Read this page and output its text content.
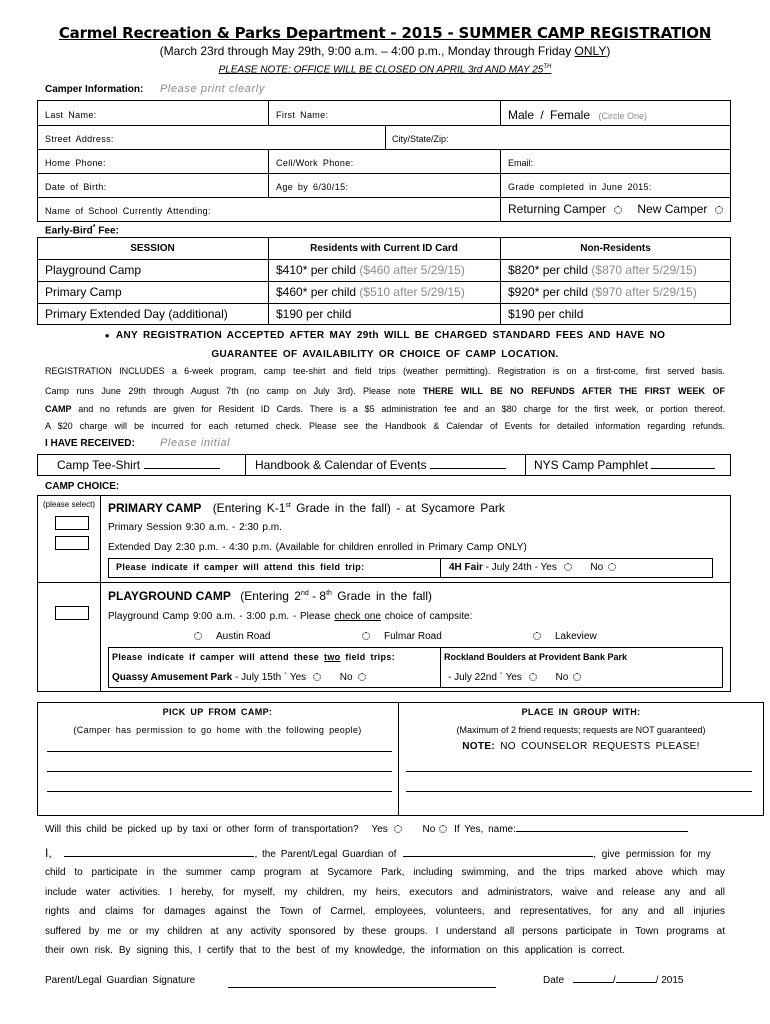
Carmel Recreation & Parks Department - 2015 - SUMMER CAMP REGISTRATION
(March 23rd through May 29th, 9:00 a.m. – 4:00 p.m., Monday through Friday ONLY)
PLEASE NOTE: OFFICE WILL BE CLOSED ON APRIL 3rd AND MAY 25TH
Camper Information: Please print clearly
Last Name:	First Name:	Male / Female (Circle One)
Street Address:	City/State/Zip:
Home Phone:	Cell/Work Phone:	Email:
Date of Birth:	Age by 6/30/15:	Grade completed in June 2015:
Name of School Currently Attending:	Returning Camper	New Camper
Early-Bird* Fee:
SESSION	Residents with Current ID Card	Non-Residents
Playground Camp	$410* per child ($460 after 5/29/15)	$820* per child ($870 after 5/29/15)
Primary Camp	$460* per child ($510 after 5/29/15)	$920* per child ($970 after 5/29/15)
Primary Extended Day (additional)	$190 per child	$190 per child
● ANY REGISTRATION ACCEPTED AFTER MAY 29th WILL BE CHARGED STANDARD FEES AND HAVE NO
GUARANTEE OF AVAILABILITY OR CHOICE OF CAMP LOCATION.
REGISTRATION INCLUDES a 6-week program, camp tee-shirt and field trips (weather permitting). Registration is on a first-come, first served basis.
Camp runs June 29th through August 7th (no camp on July 3rd). Please note THERE WILL BE NO REFUNDS AFTER THE FIRST WEEK OF
CAMP and no refunds are given for Resident ID Cards. There is a $5 administration fee and an $80 charge for the first week, or portion thereof.
A $20 charge will be incurred for each returned check. Please see the Handbook & Calendar of Events for detailed information regarding refunds.
I HAVE RECEIVED: Please initial
Camp Tee-Shirt	Handbook & Calendar of Events	NYS Camp Pamphlet
CAMP CHOICE:
(please select) PRIMARY CAMP (Entering K-1st Grade in the fall) - at Sycamore Park
Primary Session 9:30 a.m. - 2:30 p.m.
Extended Day 2:30 p.m. - 4:30 p.m. (Available for children enrolled in Primary Camp ONLY)
Please indicate if camper will attend this field trip:	4H Fair - July 24th - Yes	No
PLAYGROUND CAMP (Entering 2nd - 8th Grade in the fall)
Playground Camp 9:00 a.m. - 3:00 p.m. - Please check one choice of campsite:
Austin Road	Fulmar Road	Lakeview
Please indicate if camper will attend these two field trips:	Rockland Boulders at Provident Bank Park
Quassy Amusement Park - July 15th ´ Yes	No	- July 22nd ´ Yes	No
PICK UP FROM CAMP:
(Camper has permission to go home with the following people)
PLACE IN GROUP WITH:
(Maximum of 2 friend requests; requests are NOT guaranteed)
NOTE: NO COUNSELOR REQUESTS PLEASE!
Will this child be picked up by taxi or other form of transportation? Yes	No If Yes, name:
I,	, the Parent/Legal Guardian of	, give permission for my
child to participate in the summer camp program at Sycamore Park, including swimming, and the trips marked above which may
include water activities. I hereby, for myself, my children, my heirs, executors and administrators, waive and release any and all
rights and claims for damages against the Town of Carmel, employees, volunteers, and representatives, for any and all injuries
suffered by me or my children at any activity sponsored by these groups. I understand all persons participate in Town programs at
their own risk. By signing this, I certify that to the best of my knowledge, the information on this application is correct.
Parent/Legal Guardian Signature	Date	/	/ 2015
